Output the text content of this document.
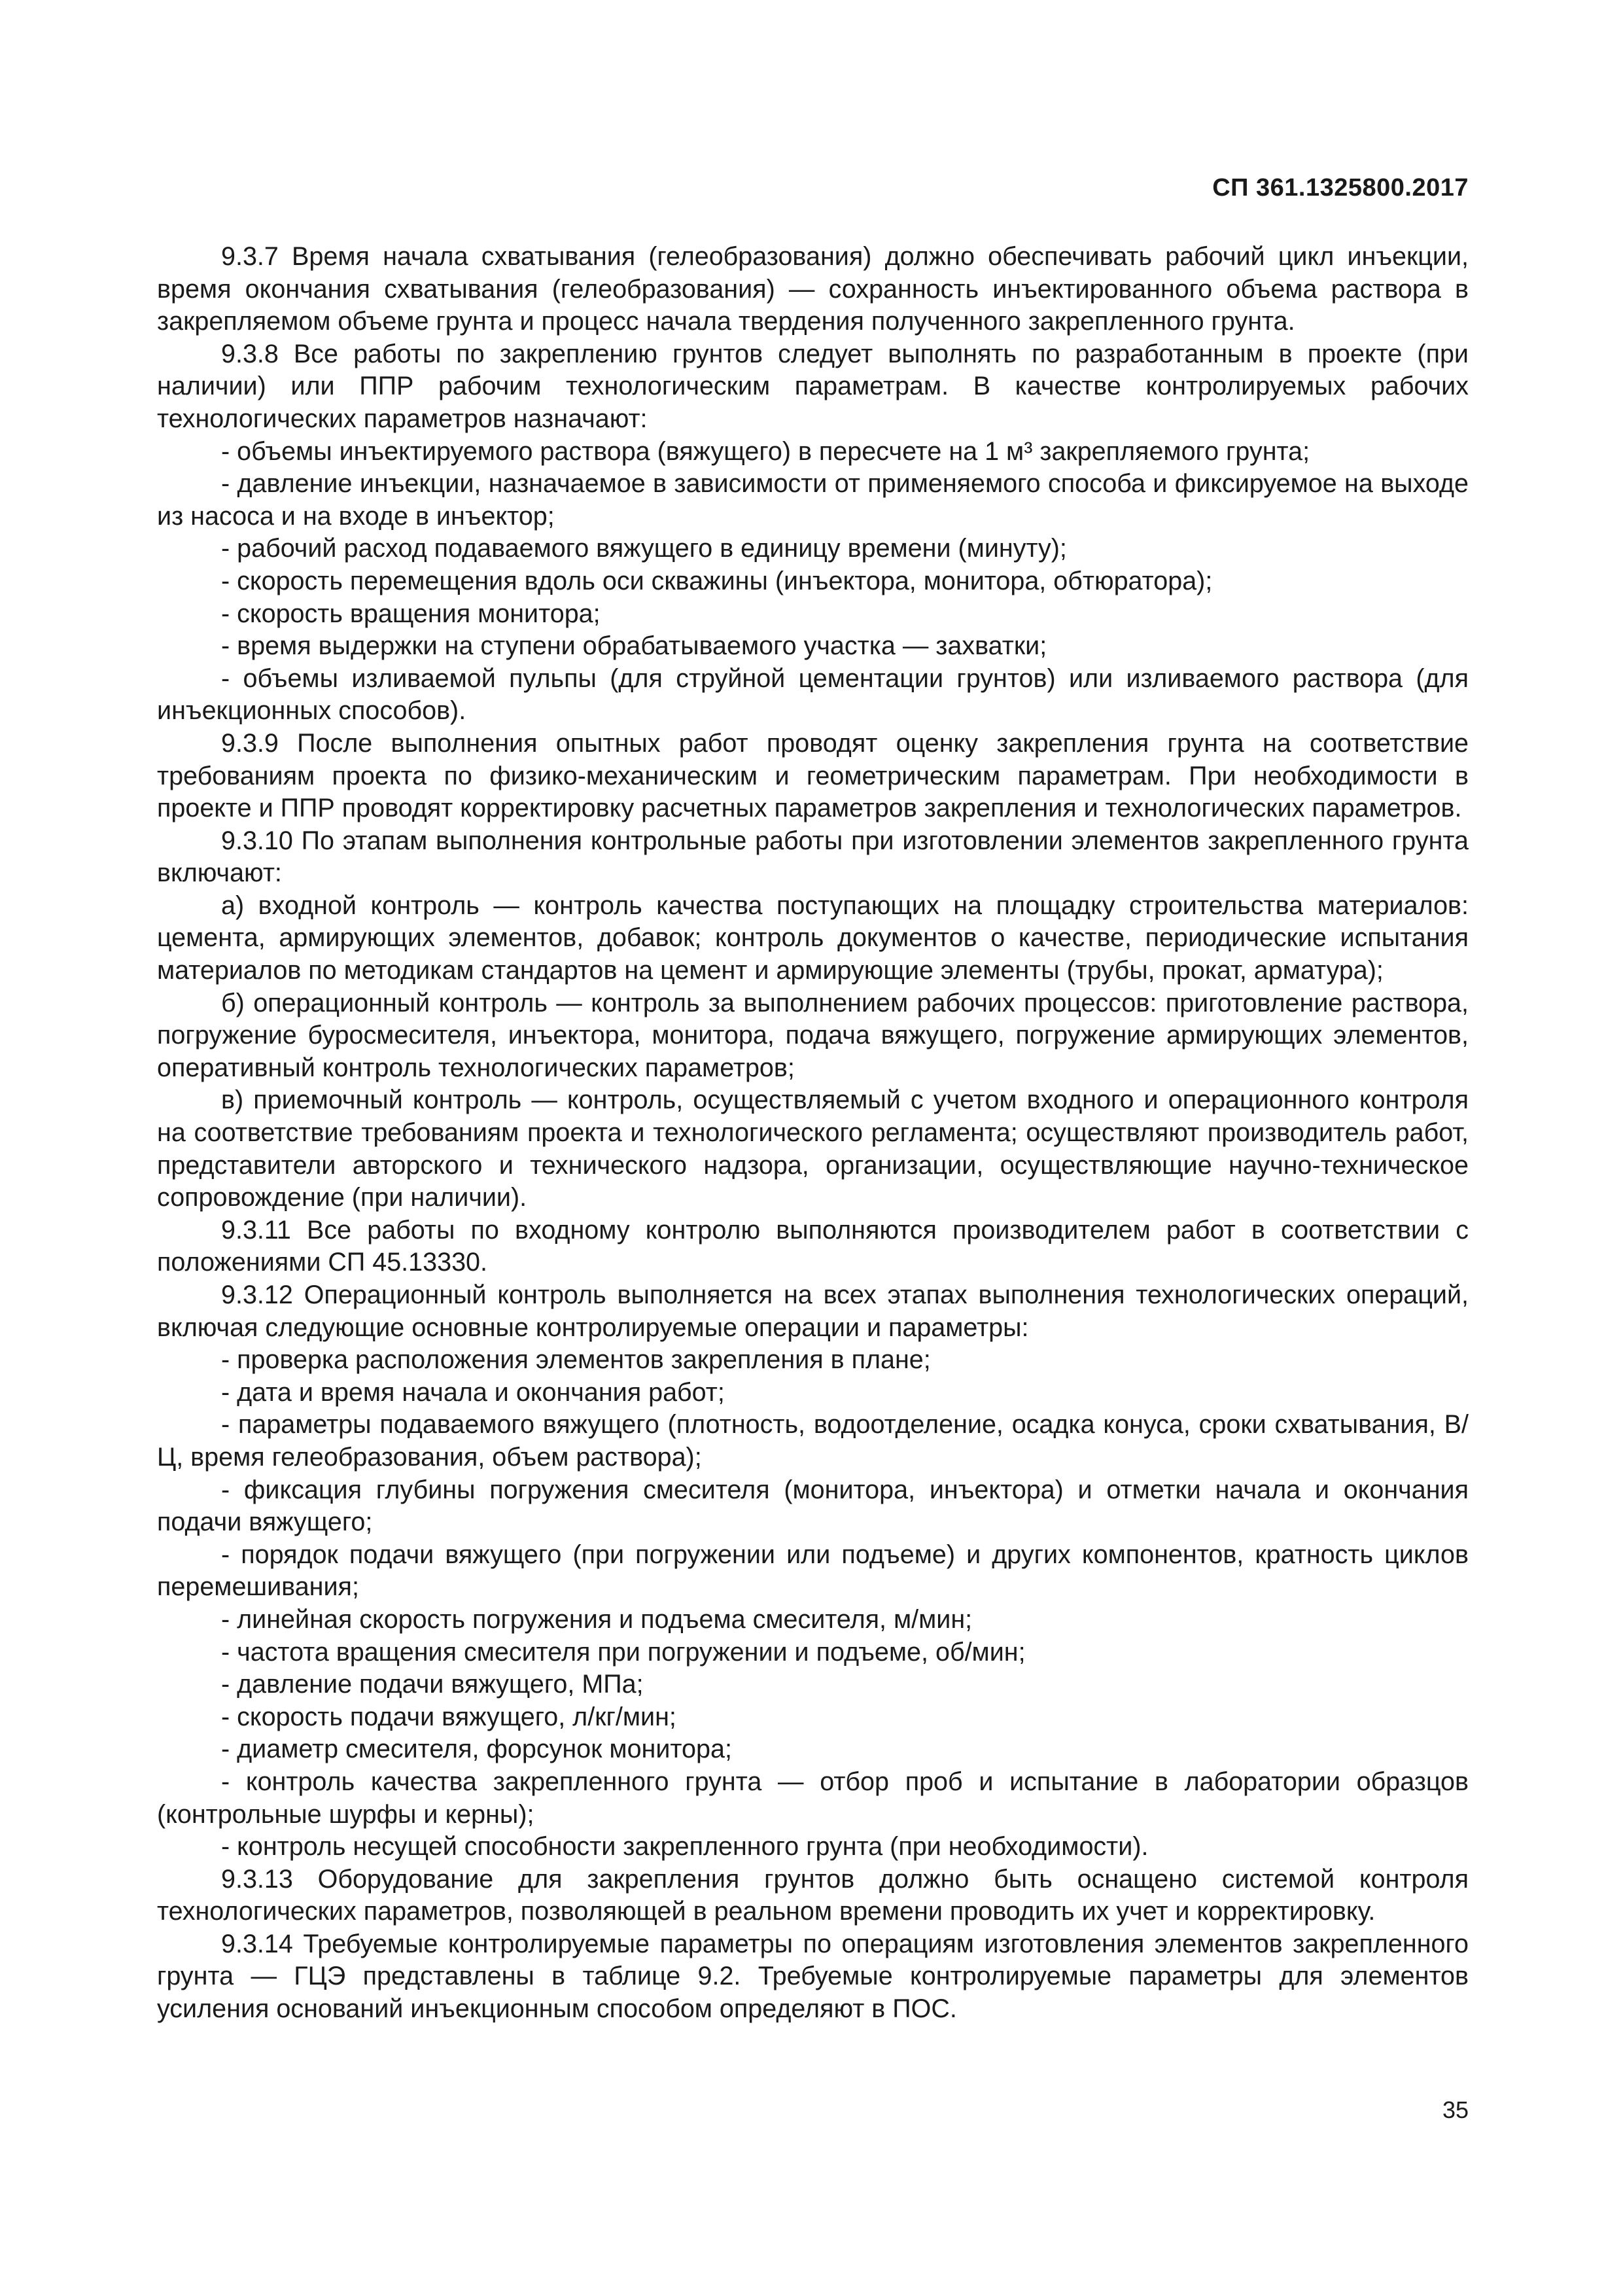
СП 361.1325800.2017

9.3.7 Время начала схватывания (гелеобразования) должно обеспечивать рабочий цикл инъекции, время окончания схватывания (гелеобразования) — сохранность инъектированного объема раствора в закрепляемом объеме грунта и процесс начала твердения полученного закрепленного грунта.

9.3.8 Все работы по закреплению грунтов следует выполнять по разработанным в проекте (при наличии) или ППР рабочим технологическим параметрам. В качестве контролируемых рабочих технологических параметров назначают:

- объемы инъектируемого раствора (вяжущего) в пересчете на 1 м³ закрепляемого грунта;

- давление инъекции, назначаемое в зависимости от применяемого способа и фиксируемое на выходе из насоса и на входе в инъектор;

- рабочий расход подаваемого вяжущего в единицу времени (минуту);

- скорость перемещения вдоль оси скважины (инъектора, монитора, обтюратора);

- скорость вращения монитора;

- время выдержки на ступени обрабатываемого участка — захватки;

- объемы изливаемой пульпы (для струйной цементации грунтов) или изливаемого раствора (для инъекционных способов).

9.3.9 После выполнения опытных работ проводят оценку закрепления грунта на соответствие требованиям проекта по физико-механическим и геометрическим параметрам. При необходимости в проекте и ППР проводят корректировку расчетных параметров закрепления и технологических параметров.

9.3.10 По этапам выполнения контрольные работы при изготовлении элементов закрепленного грунта включают:

а) входной контроль — контроль качества поступающих на площадку строительства материалов: цемента, армирующих элементов, добавок; контроль документов о качестве, периодические испытания материалов по методикам стандартов на цемент и армирующие элементы (трубы, прокат, арматура);

б) операционный контроль — контроль за выполнением рабочих процессов: приготовление раствора, погружение буросмесителя, инъектора, монитора, подача вяжущего, погружение армирующих элементов, оперативный контроль технологических параметров;

в) приемочный контроль — контроль, осуществляемый с учетом входного и операционного контроля на соответствие требованиям проекта и технологического регламента; осуществляют производитель работ, представители авторского и технического надзора, организации, осуществляющие научно-техническое сопровождение (при наличии).

9.3.11 Все работы по входному контролю выполняются производителем работ в соответствии с положениями СП 45.13330.

9.3.12 Операционный контроль выполняется на всех этапах выполнения технологических операций, включая следующие основные контролируемые операции и параметры:

- проверка расположения элементов закрепления в плане;

- дата и время начала и окончания работ;

- параметры подаваемого вяжущего (плотность, водоотделение, осадка конуса, сроки схватывания, В/Ц, время гелеобразования, объем раствора);

- фиксация глубины погружения смесителя (монитора, инъектора) и отметки начала и окончания подачи вяжущего;

- порядок подачи вяжущего (при погружении или подъеме) и других компонентов, кратность циклов перемешивания;

- линейная скорость погружения и подъема смесителя, м/мин;

- частота вращения смесителя при погружении и подъеме, об/мин;

- давление подачи вяжущего, МПа;

- скорость подачи вяжущего, л/кг/мин;

- диаметр смесителя, форсунок монитора;

- контроль качества закрепленного грунта — отбор проб и испытание в лаборатории образцов (контрольные шурфы и керны);

- контроль несущей способности закрепленного грунта (при необходимости).

9.3.13 Оборудование для закрепления грунтов должно быть оснащено системой контроля технологических параметров, позволяющей в реальном времени проводить их учет и корректировку.

9.3.14 Требуемые контролируемые параметры по операциям изготовления элементов закрепленного грунта — ГЦЭ представлены в таблице 9.2. Требуемые контролируемые параметры для элементов усиления оснований инъекционным способом определяют в ПОС.

35
